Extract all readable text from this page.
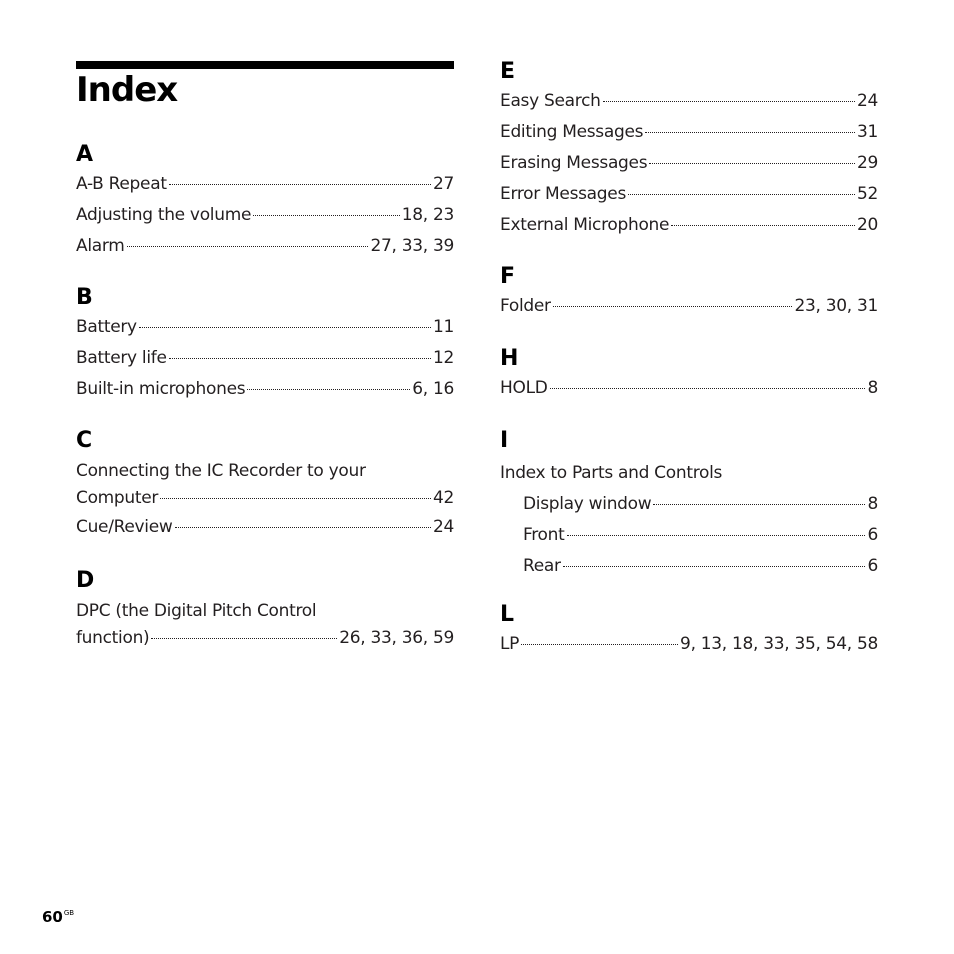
Index
A
A-B Repeat	27
Adjusting the volume	18, 23
Alarm	27, 33, 39
B
Battery	11
Battery life	12
Built-in microphones	6, 16
C
Connecting the IC Recorder to your
Computer	42
Cue/Review	24
D
DPC (the Digital Pitch Control
function)	26, 33, 36, 59
E
Easy Search	24
Editing Messages	31
Erasing Messages	29
Error Messages	52
External Microphone	20
F
Folder	23, 30, 31
H
HOLD	8
I
Index to Parts and Controls
Display window	8
Front	6
Rear	6
L
LP	9, 13, 18, 33, 35, 54, 58
$60^{GB}$
